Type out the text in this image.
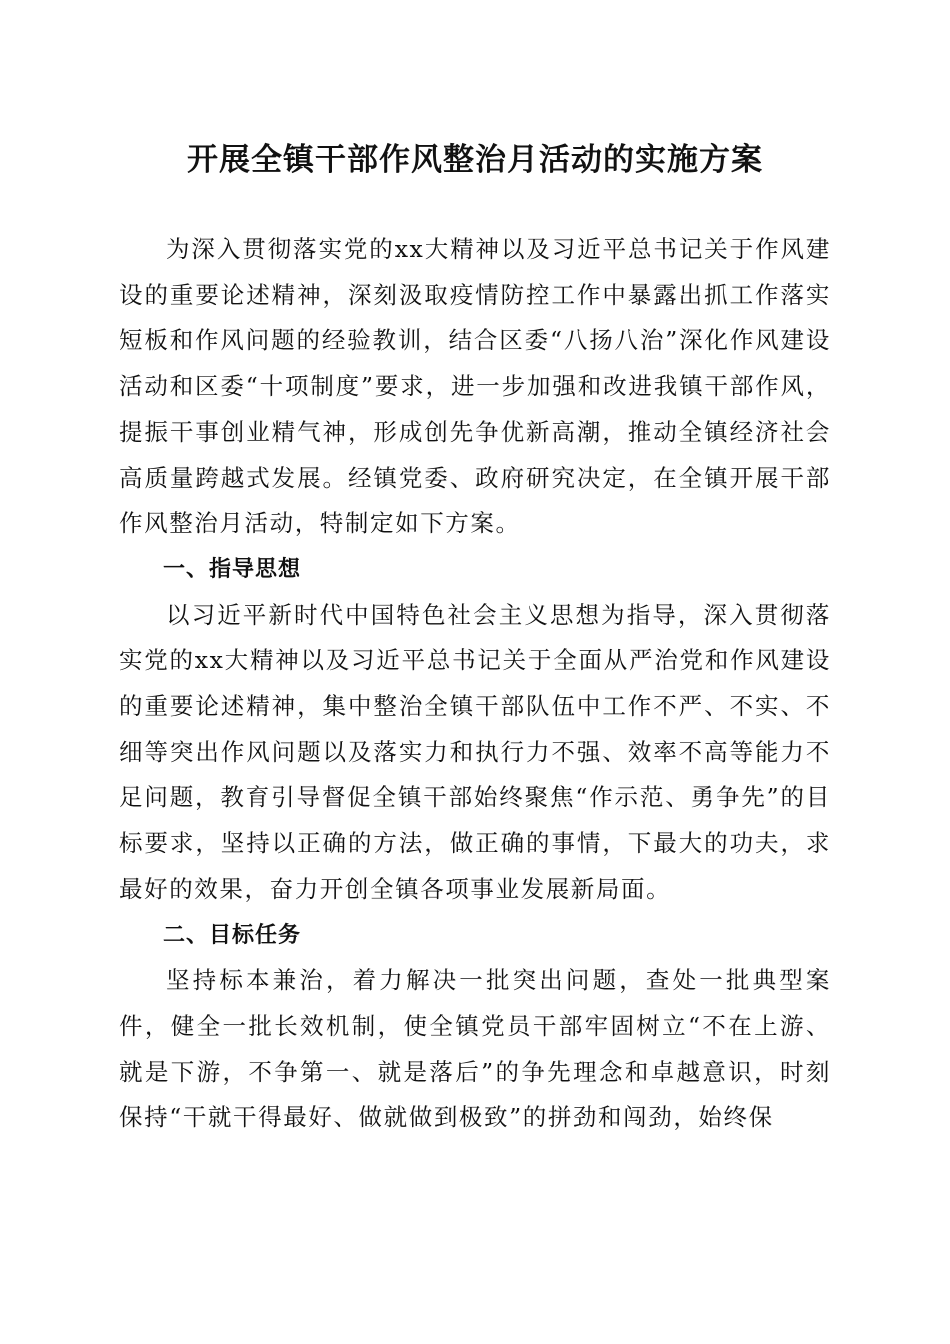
开展全镇干部作风整治月活动的实施方案

为深入贯彻落实党的xx大精神以及习近平总书记关于作风建设的重要论述精神，深刻汲取疫情防控工作中暴露出抓工作落实短板和作风问题的经验教训，结合区委“八扬八治”深化作风建设活动和区委“十项制度”要求，进一步加强和改进我镇干部作风，提振干事创业精气神，形成创先争优新高潮，推动全镇经济社会高质量跨越式发展。经镇党委、政府研究决定，在全镇开展干部作风整治月活动，特制定如下方案。

一、指导思想

以习近平新时代中国特色社会主义思想为指导，深入贯彻落实党的xx大精神以及习近平总书记关于全面从严治党和作风建设的重要论述精神，集中整治全镇干部队伍中工作不严、不实、不细等突出作风问题以及落实力和执行力不强、效率不高等能力不足问题，教育引导督促全镇干部始终聚焦“作示范、勇争先”的目标要求，坚持以正确的方法，做正确的事情，下最大的功夫，求最好的效果，奋力开创全镇各项事业发展新局面。

二、目标任务

坚持标本兼治，着力解决一批突出问题，查处一批典型案件，健全一批长效机制，使全镇党员干部牢固树立“不在上游、就是下游，不争第一、就是落后”的争先理念和卓越意识，时刻保持“干就干得最好、做就做到极致”的拼劲和闯劲，始终保
